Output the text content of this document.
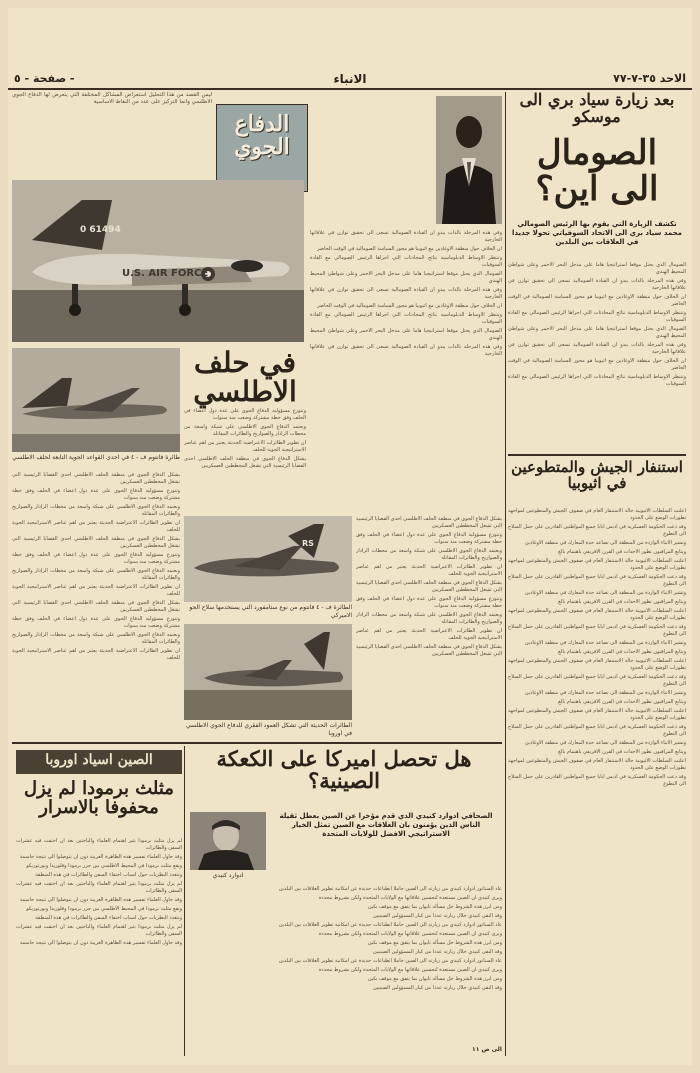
الاحد ٣٥-٧-٧٧
الانباء
صفحة - ٥ -
بعد زيارة سياد بري الى موسكو
الصومال الى اين؟
تكشف الزيارة التي يقوم بها الرئيس الصومالي محمد سياد بري الى الاتحاد السوفياتي تحولا جديدا في العلاقات بين البلدين
الصومال الذي يحتل موقعا استراتيجيا هاما على مدخل البحر الاحمر وعلى شواطئ المحيط الهندي
وفي هذه المرحلة بالذات يبدو ان القيادة الصومالية تسعى الى تحقيق توازن في علاقاتها الخارجية
ان الخلاف حول منطقة الاوغادين مع اثيوبيا هو محور السياسة الصومالية في الوقت الحاضر
وتنتظر الاوساط الدبلوماسية نتائج المحادثات التي اجراها الرئيس الصومالي مع القادة السوفيات
الصومال الذي يحتل موقعا استراتيجيا هاما على مدخل البحر الاحمر وعلى شواطئ المحيط الهندي
وفي هذه المرحلة بالذات يبدو ان القيادة الصومالية تسعى الى تحقيق توازن في علاقاتها الخارجية
ان الخلاف حول منطقة الاوغادين مع اثيوبيا هو محور السياسة الصومالية في الوقت الحاضر
وتنتظر الاوساط الدبلوماسية نتائج المحادثات التي اجراها الرئيس الصومالي مع القادة السوفيات
وفي هذه المرحلة بالذات يبدو ان القيادة الصومالية تسعى الى تحقيق توازن في علاقاتها الخارجية
ان الخلاف حول منطقة الاوغادين مع اثيوبيا هو محور السياسة الصومالية في الوقت الحاضر
وتنتظر الاوساط الدبلوماسية نتائج المحادثات التي اجراها الرئيس الصومالي مع القادة السوفيات
الصومال الذي يحتل موقعا استراتيجيا هاما على مدخل البحر الاحمر وعلى شواطئ المحيط الهندي
وفي هذه المرحلة بالذات يبدو ان القيادة الصومالية تسعى الى تحقيق توازن في علاقاتها الخارجية
ان الخلاف حول منطقة الاوغادين مع اثيوبيا هو محور السياسة الصومالية في الوقت الحاضر
وتنتظر الاوساط الدبلوماسية نتائج المحادثات التي اجراها الرئيس الصومالي مع القادة السوفيات
الصومال الذي يحتل موقعا استراتيجيا هاما على مدخل البحر الاحمر وعلى شواطئ المحيط الهندي
وفي هذه المرحلة بالذات يبدو ان القيادة الصومالية تسعى الى تحقيق توازن في علاقاتها الخارجية
استنفار الجيش والمتطوعين في اثيوبيا
اعلنت السلطات الاثيوبية حالة الاستنفار العام في صفوف الجيش والمتطوعين لمواجهة تطورات الوضع على الحدود
وقد دعت الحكومة العسكرية في اديس ابابا جميع المواطنين القادرين على حمل السلاح الى التطوع
وتشير الانباء الواردة من المنطقة الى تصاعد حدة المعارك في منطقة الاوغادين
ويتابع المراقبون تطور الاحداث في القرن الافريقي باهتمام بالغ
اعلنت السلطات الاثيوبية حالة الاستنفار العام في صفوف الجيش والمتطوعين لمواجهة تطورات الوضع على الحدود
وقد دعت الحكومة العسكرية في اديس ابابا جميع المواطنين القادرين على حمل السلاح الى التطوع
وتشير الانباء الواردة من المنطقة الى تصاعد حدة المعارك في منطقة الاوغادين
ويتابع المراقبون تطور الاحداث في القرن الافريقي باهتمام بالغ
اعلنت السلطات الاثيوبية حالة الاستنفار العام في صفوف الجيش والمتطوعين لمواجهة تطورات الوضع على الحدود
وقد دعت الحكومة العسكرية في اديس ابابا جميع المواطنين القادرين على حمل السلاح الى التطوع
وتشير الانباء الواردة من المنطقة الى تصاعد حدة المعارك في منطقة الاوغادين
ويتابع المراقبون تطور الاحداث في القرن الافريقي باهتمام بالغ
اعلنت السلطات الاثيوبية حالة الاستنفار العام في صفوف الجيش والمتطوعين لمواجهة تطورات الوضع على الحدود
وقد دعت الحكومة العسكرية في اديس ابابا جميع المواطنين القادرين على حمل السلاح الى التطوع
وتشير الانباء الواردة من المنطقة الى تصاعد حدة المعارك في منطقة الاوغادين
ويتابع المراقبون تطور الاحداث في القرن الافريقي باهتمام بالغ
اعلنت السلطات الاثيوبية حالة الاستنفار العام في صفوف الجيش والمتطوعين لمواجهة تطورات الوضع على الحدود
وقد دعت الحكومة العسكرية في اديس ابابا جميع المواطنين القادرين على حمل السلاح الى التطوع
وتشير الانباء الواردة من المنطقة الى تصاعد حدة المعارك في منطقة الاوغادين
ويتابع المراقبون تطور الاحداث في القرن الافريقي باهتمام بالغ
اعلنت السلطات الاثيوبية حالة الاستنفار العام في صفوف الجيش والمتطوعين لمواجهة تطورات الوضع على الحدود
وقد دعت الحكومة العسكرية في اديس ابابا جميع المواطنين القادرين على حمل السلاح الى التطوع
ليس القصد من هذا التحليل استعراض المشاكل المختلفة التي يتعرض لها الدفاع الجوي الاطلسي وانما التركيز على عدد من النقاط الاساسية
الدفاع الجوي
0 61494
U.S. AIR FORCE
طائرة فانتوم ف - ٤ في احدى القواعد الجوية التابعة لحلف الاطلسي
في حلف الاطلسي
يشكل الدفاع الجوي في منطقة الحلف الاطلسي احدى القضايا الرئيسية التي تشغل المخططين العسكريين
وتتوزع مسؤولية الدفاع الجوي على عدة دول اعضاء في الحلف وفق خطة مشتركة وضعت منذ سنوات
ويعتمد الدفاع الجوي الاطلسي على شبكة واسعة من محطات الرادار والصواريخ والطائرات المقاتلة
ان تطوير الطائرات الاعتراضية الحديثة يعتبر من اهم عناصر الاستراتيجية الجوية للحلف
يشكل الدفاع الجوي في منطقة الحلف الاطلسي احدى القضايا الرئيسية التي تشغل المخططين العسكريين
وتتوزع مسؤولية الدفاع الجوي على عدة دول اعضاء في الحلف وفق خطة مشتركة وضعت منذ سنوات
ويعتمد الدفاع الجوي الاطلسي على شبكة واسعة من محطات الرادار والصواريخ والطائرات المقاتلة
ان تطوير الطائرات الاعتراضية الحديثة يعتبر من اهم عناصر الاستراتيجية الجوية للحلف
يشكل الدفاع الجوي في منطقة الحلف الاطلسي احدى القضايا الرئيسية التي تشغل المخططين العسكريين
وتتوزع مسؤولية الدفاع الجوي على عدة دول اعضاء في الحلف وفق خطة مشتركة وضعت منذ سنوات
ويعتمد الدفاع الجوي الاطلسي على شبكة واسعة من محطات الرادار والصواريخ والطائرات المقاتلة
ان تطوير الطائرات الاعتراضية الحديثة يعتبر من اهم عناصر الاستراتيجية الجوية للحلف
وتتوزع مسؤولية الدفاع الجوي على عدة دول اعضاء في الحلف وفق خطة مشتركة وضعت منذ سنوات
ويعتمد الدفاع الجوي الاطلسي على شبكة واسعة من محطات الرادار والصواريخ والطائرات المقاتلة
ان تطوير الطائرات الاعتراضية الحديثة يعتبر من اهم عناصر الاستراتيجية الجوية للحلف
يشكل الدفاع الجوي في منطقة الحلف الاطلسي احدى القضايا الرئيسية التي تشغل المخططين العسكريين
RS
الطائرة ف - ٤ فانتوم من نوع ستامفورد التي يستخدمها سلاح الجو الاميركي
الطائرات الحديثة التي تشكل العمود الفقري للدفاع الجوي الاطلسي في اوروبا
يشكل الدفاع الجوي في منطقة الحلف الاطلسي احدى القضايا الرئيسية التي تشغل المخططين العسكريين
وتتوزع مسؤولية الدفاع الجوي على عدة دول اعضاء في الحلف وفق خطة مشتركة وضعت منذ سنوات
ويعتمد الدفاع الجوي الاطلسي على شبكة واسعة من محطات الرادار والصواريخ والطائرات المقاتلة
ان تطوير الطائرات الاعتراضية الحديثة يعتبر من اهم عناصر الاستراتيجية الجوية للحلف
يشكل الدفاع الجوي في منطقة الحلف الاطلسي احدى القضايا الرئيسية التي تشغل المخططين العسكريين
وتتوزع مسؤولية الدفاع الجوي على عدة دول اعضاء في الحلف وفق خطة مشتركة وضعت منذ سنوات
ويعتمد الدفاع الجوي الاطلسي على شبكة واسعة من محطات الرادار والصواريخ والطائرات المقاتلة
ان تطوير الطائرات الاعتراضية الحديثة يعتبر من اهم عناصر الاستراتيجية الجوية للحلف
يشكل الدفاع الجوي في منطقة الحلف الاطلسي احدى القضايا الرئيسية التي تشغل المخططين العسكريين
هل تحصل اميركا على الكعكة الصينية؟
الصحافي ادوارد كنيدي الذي قدم مؤخرا عن الصين بعطل ثقيلة الناس الذين يؤمنون بان العلاقات مع الصين تمثل الخيار الاستراتيجي الافضل للولايات المتحدة
ادوارد كنيدي
عاد السناتور ادوارد كنيدي من زيارته الى الصين حاملا انطباعات جديدة عن امكانية تطوير العلاقات بين البلدين
ويرى كنيدي ان الصين مستعدة لتحسين علاقاتها مع الولايات المتحدة ولكن بشروط محددة
ومن ابرز هذه الشروط حل مسألة تايوان بما يتفق مع موقف بكين
وقد التقى كنيدي خلال زيارته عددا من كبار المسؤولين الصينيين
عاد السناتور ادوارد كنيدي من زيارته الى الصين حاملا انطباعات جديدة عن امكانية تطوير العلاقات بين البلدين
ويرى كنيدي ان الصين مستعدة لتحسين علاقاتها مع الولايات المتحدة ولكن بشروط محددة
ومن ابرز هذه الشروط حل مسألة تايوان بما يتفق مع موقف بكين
وقد التقى كنيدي خلال زيارته عددا من كبار المسؤولين الصينيين
عاد السناتور ادوارد كنيدي من زيارته الى الصين حاملا انطباعات جديدة عن امكانية تطوير العلاقات بين البلدين
ويرى كنيدي ان الصين مستعدة لتحسين علاقاتها مع الولايات المتحدة ولكن بشروط محددة
ومن ابرز هذه الشروط حل مسألة تايوان بما يتفق مع موقف بكين
وقد التقى كنيدي خلال زيارته عددا من كبار المسؤولين الصينيين
الى ص ١١
الصين اسياد اوروبا
مثلث برمودا لم يزل محفوفا بالاسرار
لم يزل مثلث برمودا يثير اهتمام العلماء والباحثين بعد ان اختفت فيه عشرات السفن والطائرات
وقد حاول العلماء تفسير هذه الظاهرة الغريبة دون ان يتوصلوا الى نتيجة حاسمة
ويقع مثلث برمودا في المحيط الاطلسي بين جزر برمودا وفلوريدا وبورتوريكو
وتتعدد النظريات حول اسباب اختفاء السفن والطائرات في هذه المنطقة
لم يزل مثلث برمودا يثير اهتمام العلماء والباحثين بعد ان اختفت فيه عشرات السفن والطائرات
وقد حاول العلماء تفسير هذه الظاهرة الغريبة دون ان يتوصلوا الى نتيجة حاسمة
ويقع مثلث برمودا في المحيط الاطلسي بين جزر برمودا وفلوريدا وبورتوريكو
وتتعدد النظريات حول اسباب اختفاء السفن والطائرات في هذه المنطقة
لم يزل مثلث برمودا يثير اهتمام العلماء والباحثين بعد ان اختفت فيه عشرات السفن والطائرات
وقد حاول العلماء تفسير هذه الظاهرة الغريبة دون ان يتوصلوا الى نتيجة حاسمة
